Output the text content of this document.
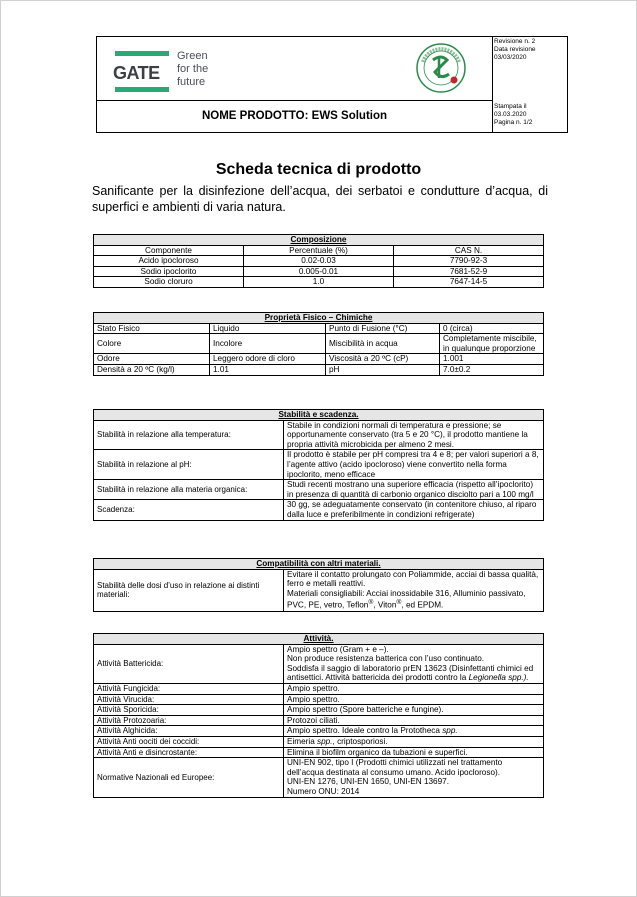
GATE
Green
for the
future
NOME PRODOTTO: EWS Solution
Revisione n. 2
Data revisione
03/03/2020
Stampata il
03.03.2020
Pagina n. 1/2
Scheda tecnica di prodotto
Sanificante per la disinfezione dell’acqua, dei serbatoi e condutture d’acqua, di superfici e ambienti di varia natura.
Composizione		
Componente	Percentuale (%)	CAS N.
Acido ipocloroso	0.02-0.03	7790-92-3
Sodio ipoclorito	0.005-0.01	7681-52-9
Sodio cloruro	1.0	7647-14-5
Proprietà Fisico – Chimiche			
Stato Fisico	Liquido	Punto di Fusione (°C)	0 (circa)
Colore	Incolore	Miscibilità in acqua	Completamente miscibile, in qualunque proporzione
Odore	Leggero odore di cloro	Viscosità a 20 ºC (cP)	1.001
Densità a 20 ºC (kg/l)	1.01	pH	7.0±0.2
Stabilità e scadenza.	
Stabilità in relazione alla temperatura:	Stabile in condizioni normali di temperatura e pressione; se opportunamente conservato (tra 5 e 20 °C), il prodotto mantiene la propria attività microbicida per almeno 2 mesi.
Stabilità in relazione al pH:	Il prodotto è stabile per pH compresi tra 4 e 8; per valori superiori a 8, l’agente attivo (acido ipocloroso) viene convertito nella forma ipoclorito, meno efficace
Stabilità in relazione alla materia organica:	Studi recenti mostrano una superiore efficacia (rispetto all’ipoclorito) in presenza di quantità di carbonio organico disciolto pari a 100 mg/l
Scadenza:	30 gg, se adeguatamente conservato (in contenitore chiuso, al riparo dalla luce e preferibilmente in condizioni refrigerate)
Compatibilità con altri materiali.
Stabilità delle dosi d’uso in relazione ai distinti materiali:	
Evitare il contatto prolungato con Poliammide, acciai di bassa qualità, ferro e metalli reattivi.
Materiali consigliabili: Acciai inossidabile 316, Alluminio passivato, PVC, PE, vetro, Teflon®, Viton®, ed EPDM.
Attività.	
Attività Battericida:	Ampio spettro (Gram + e –).
Non produce resistenza batterica con l’uso continuato.
Soddisfa il saggio di laboratorio prEN 13623 (Disinfettanti chimici ed antisettici. Attività battericida dei prodotti contro la Legionella spp.).

Attività Fungicida:	Ampio spettro.
Attività Virucida:	Ampio spettro.
Attività Sporicida:	Ampio spettro (Spore batteriche e fungine).
Attività Protozoaria:	Protozoi ciliati.
Attività Alghicida:	Ampio spettro. Ideale contro la Prototheca spp.
Attività Anti oociti dei coccidi:	Eimeria spp., criptosporiosi.
Attività Anti e disincrostante:	Elimina il biofilm organico da tubazioni e superfici.
Normative Nazionali ed Europee:	UNI-EN 902, tipo I (Prodotti chimici utilizzati nel trattamento dell’acqua destinata al consumo umano. Acido ipocloroso).
UNI-EN 1276, UNI-EN 1650, UNI-EN 13697.
Numero ONU: 2014
